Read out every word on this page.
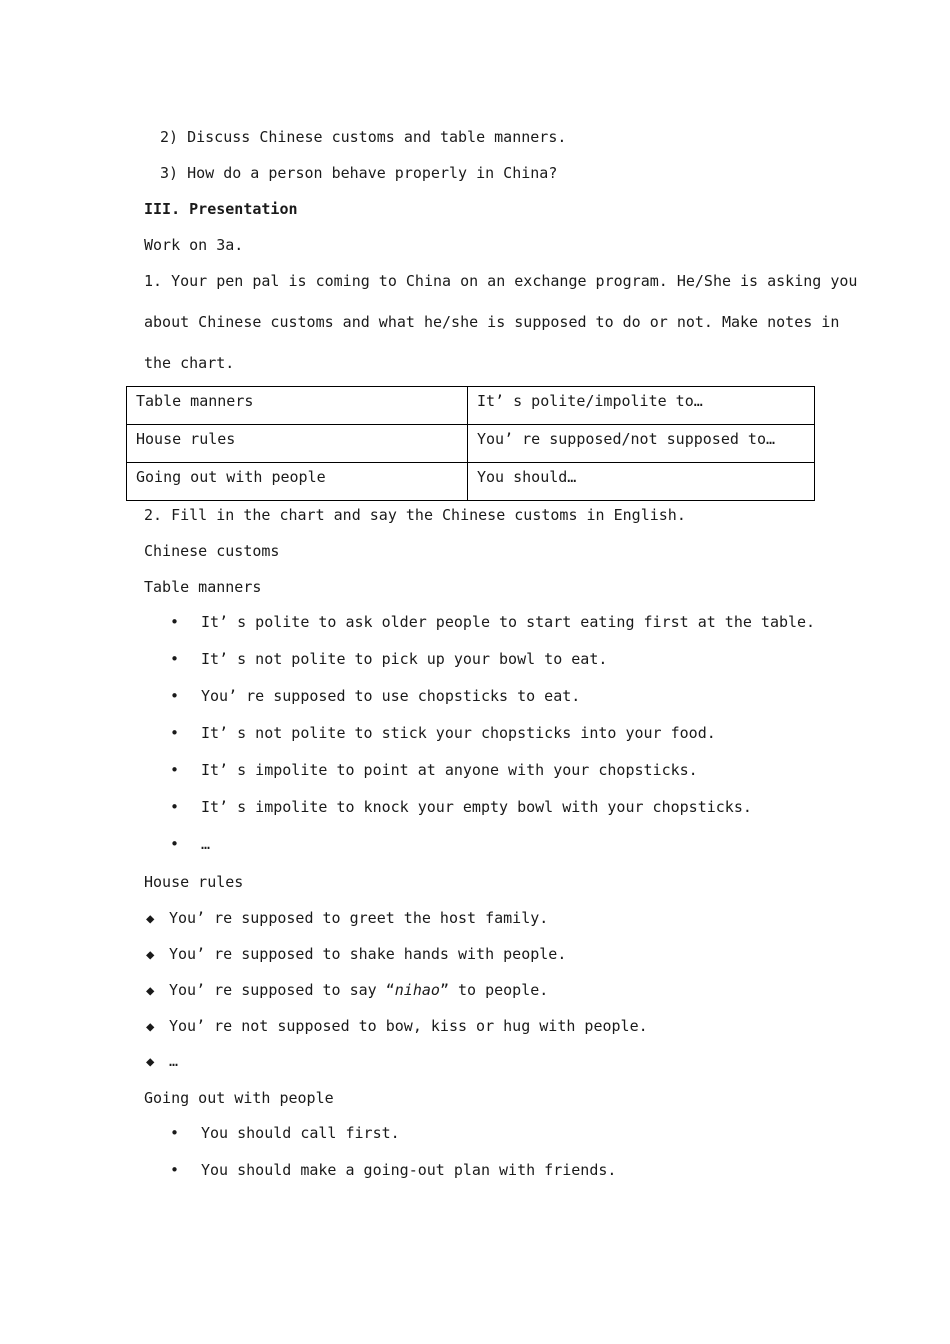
2) Discuss Chinese customs and table manners.
3) How do a person behave properly in China?
III. Presentation
Work on 3a.
1. Your pen pal is coming to China on an exchange program. He/She is asking you
about Chinese customs and what he/she is supposed to do or not. Make notes in
the chart.
Table manners	It’ s polite/impolite to…
House rules	You’ re supposed/not supposed to…
Going out with people	You should…
2. Fill in the chart and say the Chinese customs in English.
Chinese customs
Table manners
• It’ s polite to ask older people to start eating first at the table.
• It’ s not polite to pick up your bowl to eat.
• You’ re supposed to use chopsticks to eat.
• It’ s not polite to stick your chopsticks into your food.
• It’ s impolite to point at anyone with your chopsticks.
• It’ s impolite to knock your empty bowl with your chopsticks.
• …
House rules
◆ You’ re supposed to greet the host family.
◆ You’ re supposed to shake hands with people.
◆ You’ re supposed to say “nihao” to people.
◆ You’ re not supposed to bow, kiss or hug with people.
◆ …
Going out with people
• You should call first.
• You should make a going-out plan with friends.
